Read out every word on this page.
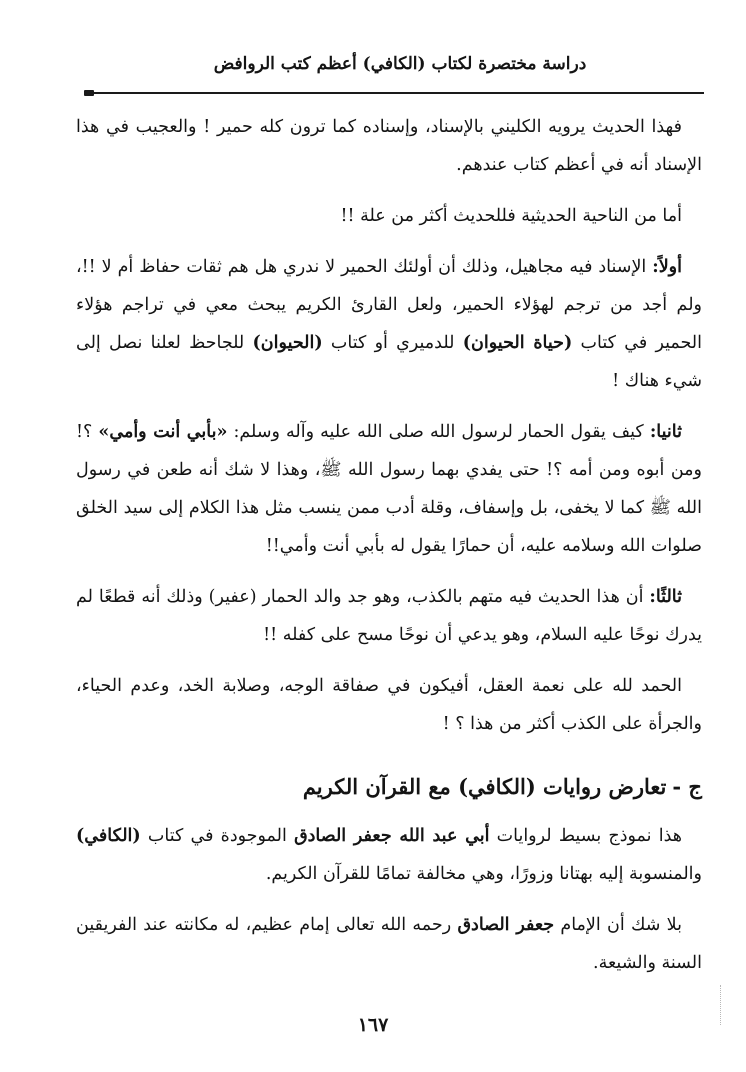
دراسة مختصرة لكتاب (الكافي) أعظم كتب الروافض

فهذا الحديث يرويه الكليني بالإسناد، وإسناده كما ترون كله حمير ! والعجيب في هذا الإسناد أنه في أعظم كتاب عندهم.

أما من الناحية الحديثية فللحديث أكثر من علة !!

أولاً: الإسناد فيه مجاهيل، وذلك أن أولئك الحمير لا ندري هل هم ثقات حفاظ أم لا !!، ولم أجد من ترجم لهؤلاء الحمير، ولعل القارئ الكريم يبحث معي في تراجم هؤلاء الحمير في كتاب (حياة الحيوان) للدميري أو كتاب (الحيوان) للجاحظ لعلنا نصل إلى شيء هناك !

ثانيا: كيف يقول الحمار لرسول الله صلى الله عليه وآله وسلم: «بأبي أنت وأمي» ؟! ومن أبوه ومن أمه ؟! حتى يفدي بهما رسول الله ﷺ، وهذا لا شك أنه طعن في رسول الله ﷺ كما لا يخفى، بل وإسفاف، وقلة أدب ممن ينسب مثل هذا الكلام إلى سيد الخلق صلوات الله وسلامه عليه، أن حمارًا يقول له بأبي أنت وأمي!!

ثالثًا: أن هذا الحديث فيه متهم بالكذب، وهو جد والد الحمار (عفير) وذلك أنه قطعًا لم يدرك نوحًا عليه السلام، وهو يدعي أن نوحًا مسح على كفله !!

الحمد لله على نعمة العقل، أفيكون في صفاقة الوجه، وصلابة الخد، وعدم الحياء، والجرأة على الكذب أكثر من هذا ؟ !

ج -تعارض روايات (الكافي) مع القرآن الكريم

هذا نموذج بسيط لروايات أبي عبد الله جعفر الصادق الموجودة في كتاب (الكافي) والمنسوبة إليه بهتانا وزورًا، وهي مخالفة تمامًا للقرآن الكريم.

بلا شك أن الإمام جعفر الصادق رحمه الله تعالى إمام عظيم، له مكانته عند الفريقين السنة والشيعة.

١٦٧
